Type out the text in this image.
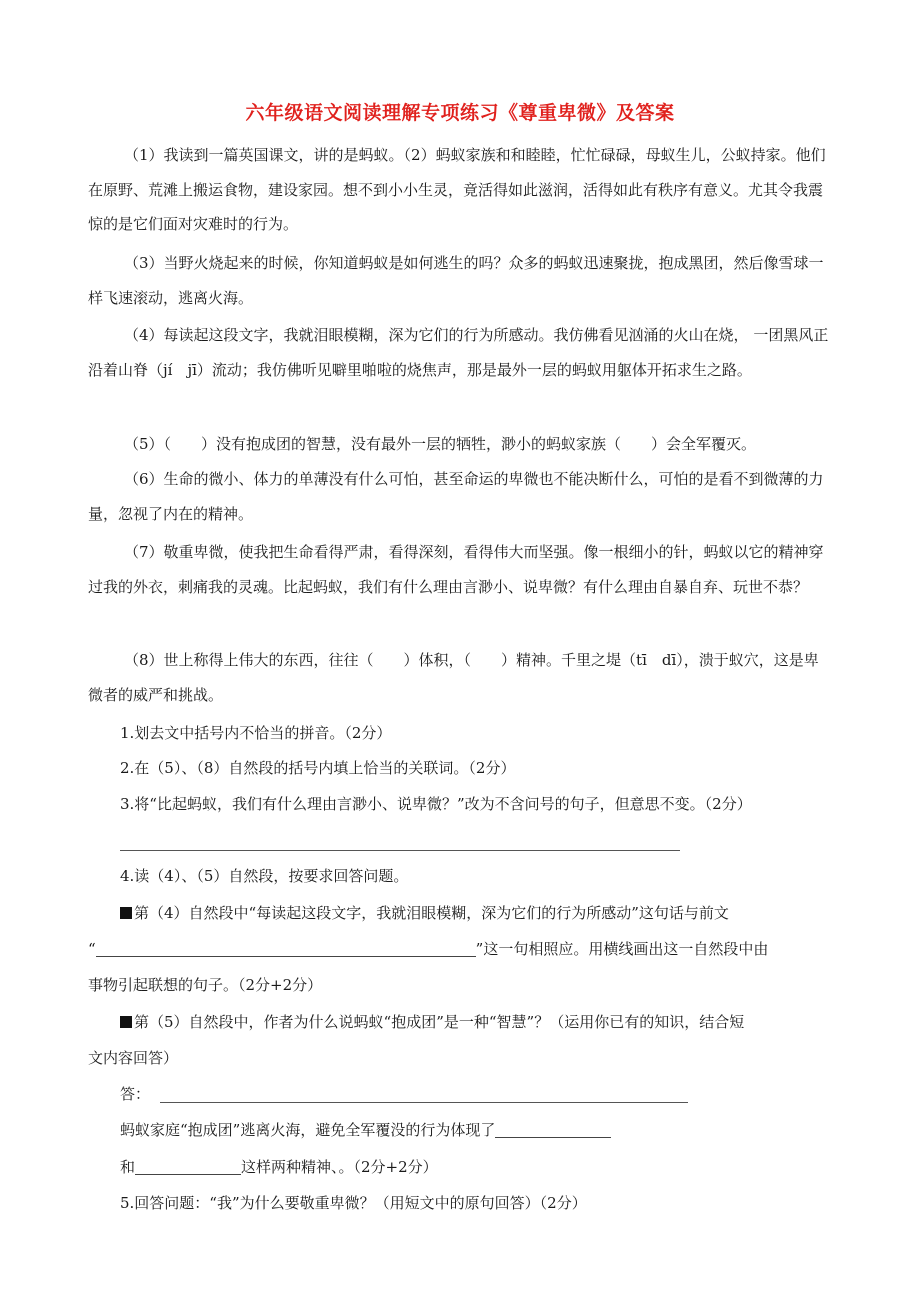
六年级语文阅读理解专项练习《尊重卑微》及答案
（1）我读到一篇英国课文，讲的是蚂蚁。（2）蚂蚁家族和和睦睦，忙忙碌碌，母蚁生儿，公蚁持家。他们在原野、荒滩上搬运食物，建设家园。想不到小小生灵，竟活得如此滋润，活得如此有秩序有意义。尤其令我震惊的是它们面对灾难时的行为。
（3）当野火烧起来的时候，你知道蚂蚁是如何逃生的吗？众多的蚂蚁迅速聚拢，抱成黑团，然后像雪球一样飞速滚动，逃离火海。
（4）每读起这段文字，我就泪眼模糊，深为它们的行为所感动。我仿佛看见汹涌的火山在烧， 一团黑风正沿着山脊（jí　jī）流动；我仿佛听见噼里啪啦的烧焦声，那是最外一层的蚂蚁用躯体开拓求生之路。
（5）（　　）没有抱成团的智慧，没有最外一层的牺牲，渺小的蚂蚁家族（　　）会全军覆灭。
（6）生命的微小、体力的单薄没有什么可怕，甚至命运的卑微也不能决断什么，可怕的是看不到微薄的力量，忽视了内在的精神。
（7）敬重卑微，使我把生命看得严肃，看得深刻，看得伟大而坚强。像一根细小的针，蚂蚁以它的精神穿过我的外衣，刺痛我的灵魂。比起蚂蚁，我们有什么理由言渺小、说卑微？有什么理由自暴自弃、玩世不恭？
（8）世上称得上伟大的东西，往往（　　）体积，（　　）精神。千里之堤（tī　dī），溃于蚁穴，这是卑微者的威严和挑战。
1.划去文中括号内不恰当的拼音。（2分）
2.在（5）、（8）自然段的括号内填上恰当的关联词。（2分）
3.将“比起蚂蚁，我们有什么理由言渺小、说卑微？”改为不含问号的句子，但意思不变。（2分）
4.读（4）、（5）自然段，按要求回答问题。
第（4）自然段中“每读起这段文字，我就泪眼模糊，深为它们的行为所感动”这句话与前文
“	”这一句相照应。用横线画出这一自然段中由
事物引起联想的句子。（2分+2分）
第（5）自然段中，作者为什么说蚂蚁“抱成团”是一种“智慧”？（运用你已有的知识，结合短
文内容回答）
答：
蚂蚁家庭“抱成团”逃离火海，避免全军覆没的行为体现了
和	这样两种精神、。（2分+2分）
5.回答问题：“我”为什么要敬重卑微？（用短文中的原句回答）（2分）
